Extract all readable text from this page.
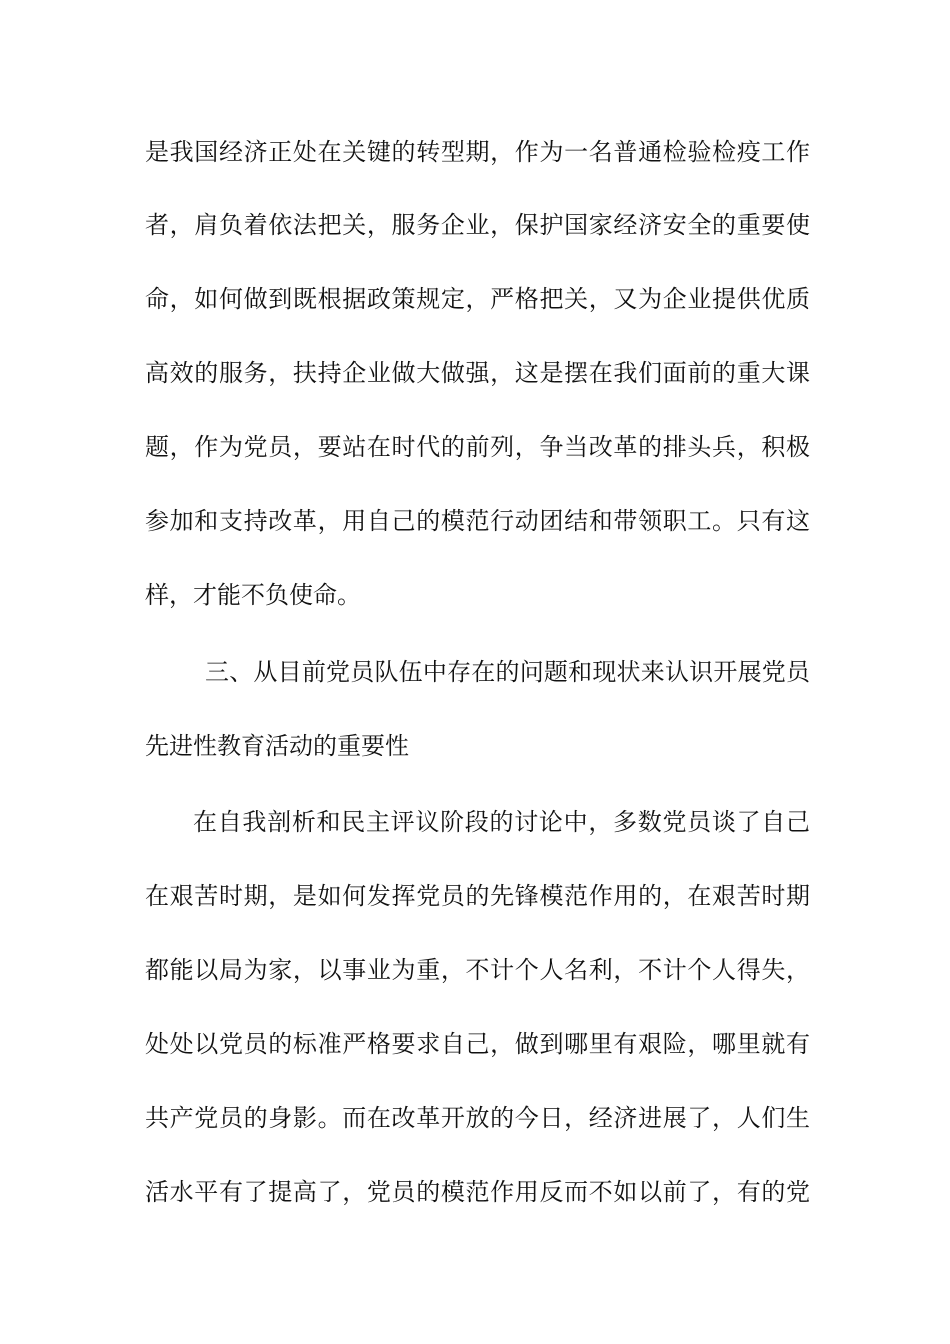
是我国经济正处在关键的转型期，作为一名普通检验检疫工作
者，肩负着依法把关，服务企业，保护国家经济安全的重要使
命，如何做到既根据政策规定，严格把关，又为企业提供优质
高效的服务，扶持企业做大做强，这是摆在我们面前的重大课
题，作为党员，要站在时代的前列，争当改革的排头兵，积极
参加和支持改革，用自己的模范行动团结和带领职工。只有这
样，才能不负使命。
三、从目前党员队伍中存在的问题和现状来认识开展党员
先进性教育活动的重要性
在自我剖析和民主评议阶段的讨论中，多数党员谈了自己
在艰苦时期，是如何发挥党员的先锋模范作用的，在艰苦时期
都能以局为家，以事业为重，不计个人名利，不计个人得失，
处处以党员的标准严格要求自己，做到哪里有艰险，哪里就有
共产党员的身影。而在改革开放的今日，经济进展了，人们生
活水平有了提高了，党员的模范作用反而不如以前了，有的党
